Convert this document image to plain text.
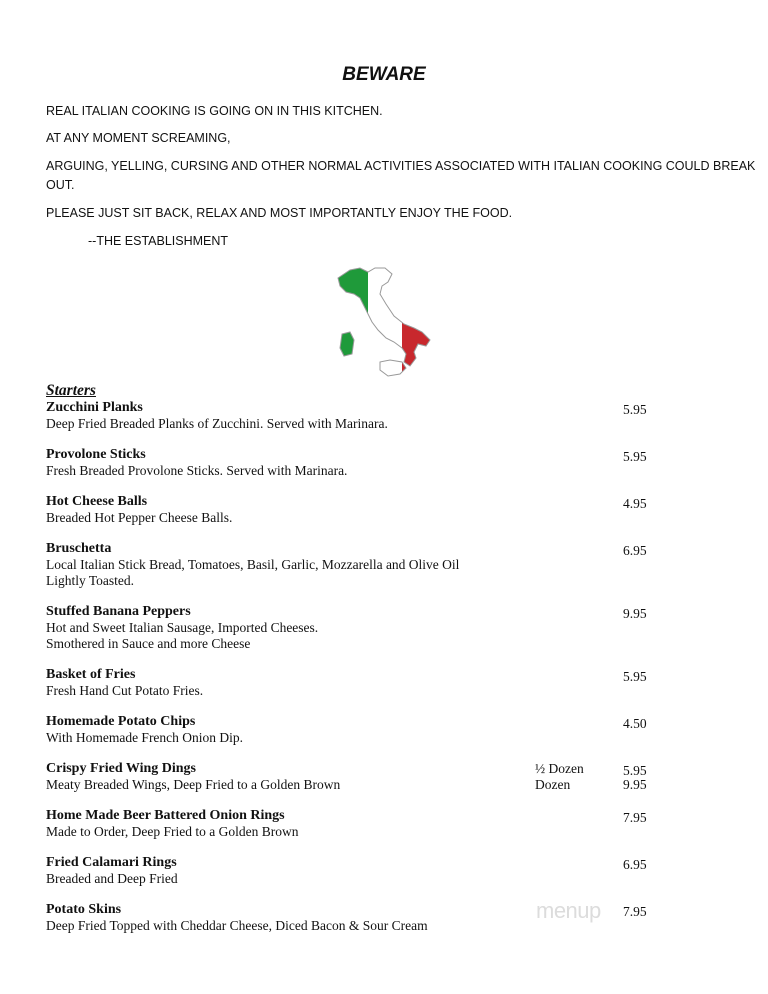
BEWARE
REAL ITALIAN COOKING IS GOING ON IN THIS KITCHEN.
AT ANY MOMENT SCREAMING,
ARGUING, YELLING, CURSING AND OTHER NORMAL ACTIVITIES ASSOCIATED WITH ITALIAN COOKING COULD BREAK
OUT.
PLEASE JUST SIT BACK, RELAX AND MOST IMPORTANTLY ENJOY THE FOOD.
--THE ESTABLISHMENT
Starters
Zucchini Planks
Deep Fried Breaded Planks of Zucchini. Served with Marinara.
5.95
Provolone Sticks
Fresh Breaded Provolone Sticks. Served with Marinara.
5.95
Hot Cheese Balls
Breaded Hot Pepper Cheese Balls.
4.95
Bruschetta
Local Italian Stick Bread, Tomatoes, Basil, Garlic, Mozzarella and Olive Oil
Lightly Toasted.
6.95
Stuffed Banana Peppers
Hot and Sweet Italian Sausage, Imported Cheeses.
Smothered in Sauce and more Cheese
9.95
Basket of Fries
Fresh Hand Cut Potato Fries.
5.95
Homemade Potato Chips
With Homemade French Onion Dip.
4.50
Crispy Fried Wing Dings
Meaty Breaded Wings, Deep Fried to a Golden Brown
½ Dozen
Dozen
5.95
9.95
Home Made Beer Battered Onion Rings
Made to Order, Deep Fried to a Golden Brown
7.95
Fried Calamari Rings
Breaded and Deep Fried
6.95
menup
Potato Skins
Deep Fried Topped with Cheddar Cheese, Diced Bacon & Sour Cream
7.95
